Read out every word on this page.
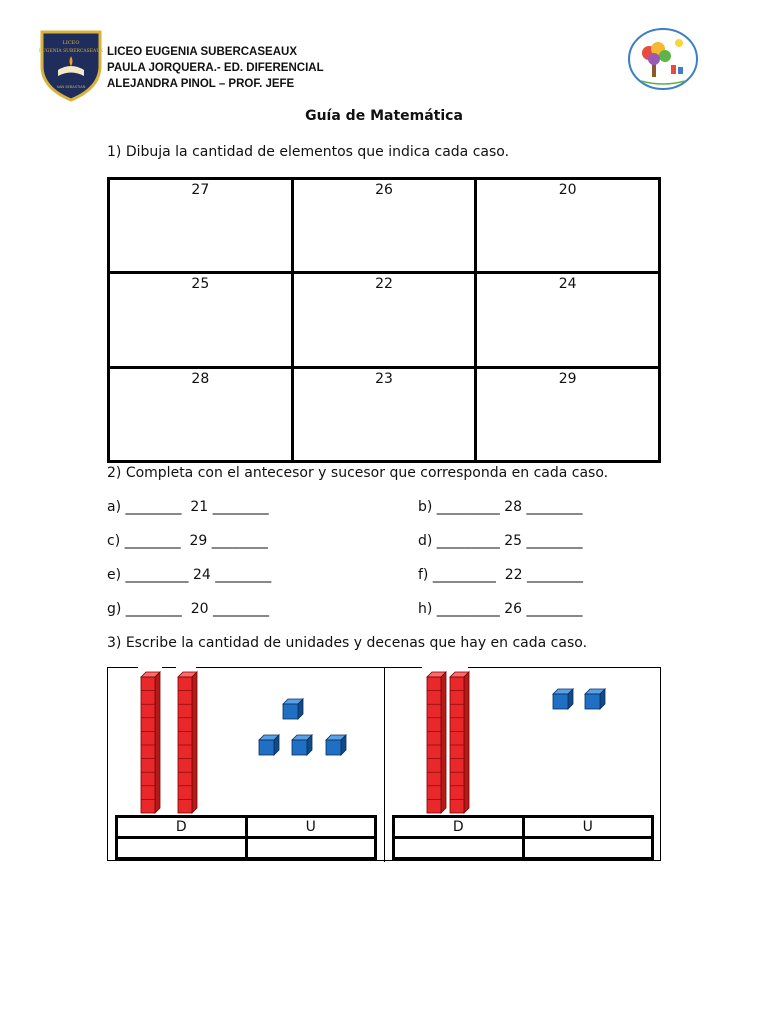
LICEO
EUGENIA SUBERCASEAUX
SAN SEBASTIAN
LICEO EUGENIA SUBERCASEAUX
PAULA JORQUERA.- ED. DIFERENCIAL
ALEJANDRA PINOL – PROF. JEFE
Guía de Matemática
1) Dibuja la cantidad de elementos que indica cada caso.
27	26	20
25	22	24
28	23	29
2) Completa con el antecesor y sucesor que corresponda en cada caso.
a) ________  21 ________
c) ________  29 ________
e) _________ 24 ________
g) ________  20 ________
b) _________ 28 ________
d) _________ 25 ________
f) _________  22 ________
h) _________ 26 ________
3) Escribe la cantidad de unidades y decenas que hay en cada caso.
D	U
		D	U
